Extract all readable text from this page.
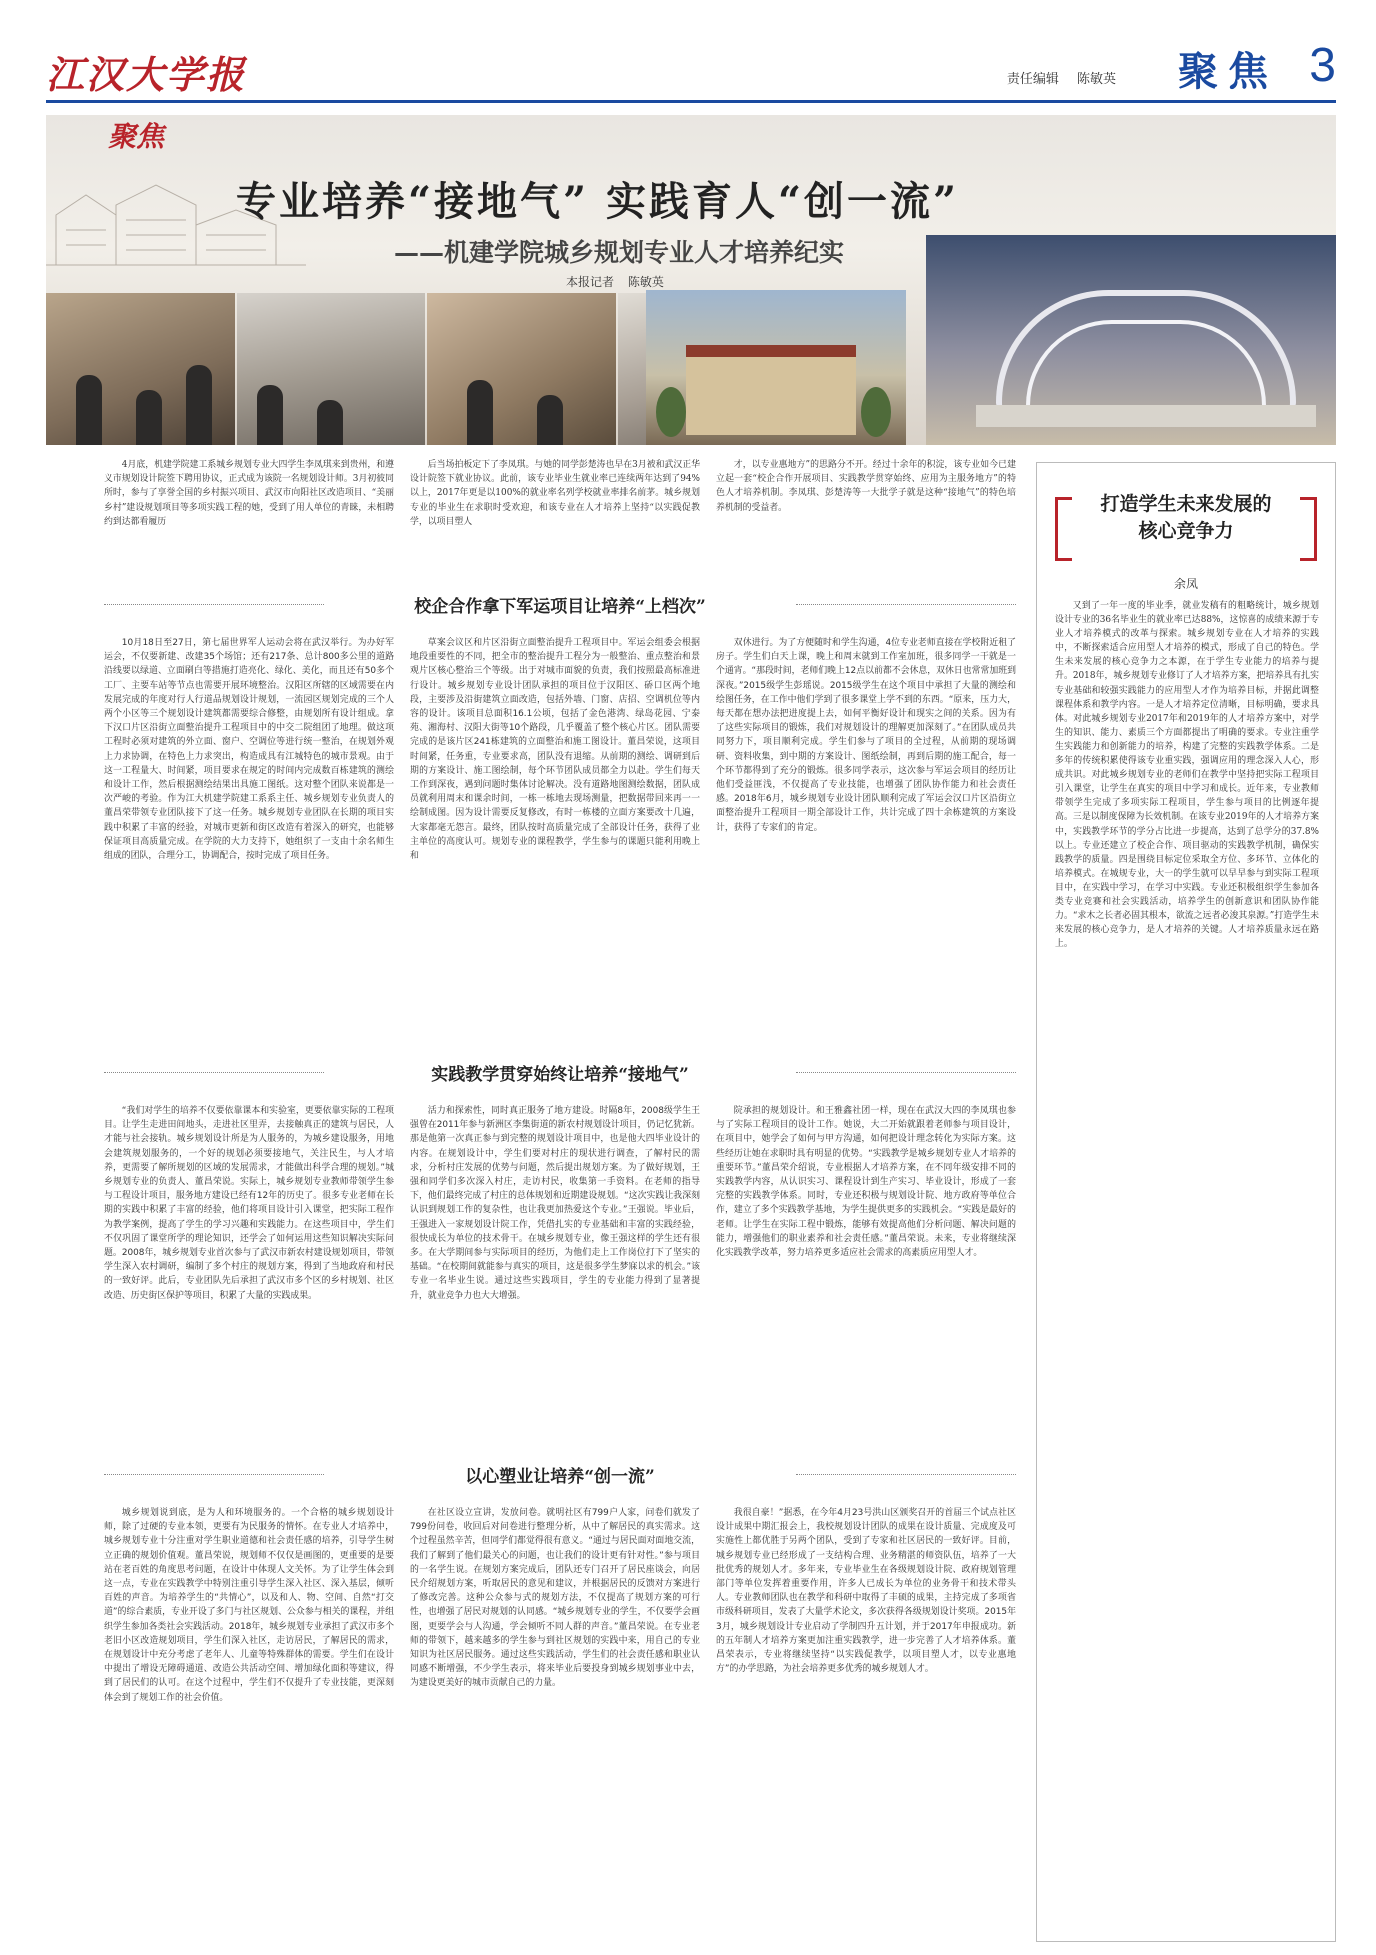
江汉大学报	责任编辑 陈敏英 聚焦 3
聚焦
专业培养“接地气” 实践育人“创一流”
——机建学院城乡规划专业人才培养纪实
本报记者 陈敏英

4月底，机建学院建工系城乡规划专业大四学生李凤琪来到贵州，和遵义市规划设计院签下聘用协议，正式成为该院一名规划设计师。3月初彼同所时，参与了享誉全国的乡村振兴项目、武汉市向阳社区改造项目、“美丽乡村”建设规划项目等多项实践工程的她，受到了用人单位的青睐，未相聘约到达都看履历

后当场拍板定下了李凤琪。与她的同学彭楚涛也早在3月被和武汉正华设计院签下就业协议。此前，该专业毕业生就业率已连续两年达到了94%以上，2017年更是以100%的就业率名列学校就业率排名前茅。城乡规划专业的毕业生在求职时受欢迎，和该专业在人才培养上坚持“以实践促教学，以项目塑人

才，以专业惠地方”的思路分不开。经过十余年的积淀，该专业如今已建立起一套“校企合作开展项目、实践教学贯穿始终、应用为主服务地方”的特色人才培养机制。李凤琪、彭楚涛等一大批学子就是这种“接地气”的特色培养机制的受益者。

校企合作拿下军运项目让培养“上档次”

10月18日至27日，第七届世界军人运动会将在武汉举行。为办好军运会，不仅要新建、改建35个场馆；还有217条、总计800多公里的道路沿线要以绿道、立面刷白等措施打造亮化、绿化、美化，而且还有50多个工厂、主要车站等节点也需要开展环境整治。汉阳区所辖的区域需要在内发展完成的年度对行人行道品规划设计规划，一流园区规划完成的三个人两个小区等三个规划设计建筑都需要综合修整，由规划所有设计组成。拿下汉口片区沿街立面整治提升工程项目中的中交二院组团了地理。做这项工程时必须对建筑的外立面、窗户、空调位等进行统一整治，在规划外观上力求协调，在特色上力求突出，构造成具有江城特色的城市景观。由于这一工程量大、时间紧，项目要求在规定的时间内完成数百栋建筑的测绘和设计工作，然后根据测绘结果出具施工图纸。这对整个团队来说都是一次严峻的考验。作为江大机建学院建工系系主任、城乡规划专业负责人的董昌荣带领专业团队接下了这一任务。城乡规划专业团队在长期的项目实践中积累了丰富的经验，对城市更新和街区改造有着深入的研究，也能够保证项目高质量完成。在学院的大力支持下，她组织了一支由十余名师生组成的团队，合理分工，协调配合，按时完成了项目任务。

草案会议区和片区沿街立面整治提升工程项目中。军运会组委会根据地段重要性的不同，把全市的整治提升工程分为一般整治、重点整治和景观片区核心整治三个等级。出于对城市面貌的负责，我们按照最高标准进行设计。城乡规划专业设计团队承担的项目位于汉阳区、硚口区两个地段，主要涉及沿街建筑立面改造，包括外墙、门窗、店招、空调机位等内容的设计。该项目总面积16.1公顷，包括了金色港湾、绿岛花园、宁泰苑、湘海村、汉阳大街等10个路段，几乎覆盖了整个核心片区。团队需要完成的是该片区241栋建筑的立面整治和施工图设计。董昌荣说，这项目时间紧，任务重，专业要求高，团队没有退缩。从前期的测绘、调研到后期的方案设计、施工图绘制，每个环节团队成员都全力以赴。学生们每天工作到深夜，遇到问题时集体讨论解决。没有道路地图测绘数据，团队成员就利用周末和课余时间，一栋一栋地去现场测量，把数据带回来再一一绘制成图。因为设计需要反复修改，有时一栋楼的立面方案要改十几遍，大家都毫无怨言。最终，团队按时高质量完成了全部设计任务，获得了业主单位的高度认可。规划专业的课程教学，学生参与的课题只能利用晚上和

双休进行。为了方便随时和学生沟通，4位专业老师直接在学校附近租了房子。学生们白天上课，晚上和周末就到工作室加班，很多同学一干就是一个通宵。“那段时间，老师们晚上12点以前都不会休息，双休日也常常加班到深夜。”2015级学生彭瑶说。2015级学生在这个项目中承担了大量的测绘和绘图任务，在工作中他们学到了很多课堂上学不到的东西。“原来，压力大，每天都在想办法把进度提上去，如何平衡好设计和现实之间的关系。因为有了这些实际项目的锻炼，我们对规划设计的理解更加深刻了。”在团队成员共同努力下，项目顺利完成。学生们参与了项目的全过程，从前期的现场调研、资料收集，到中期的方案设计、图纸绘制，再到后期的施工配合，每一个环节都得到了充分的锻炼。很多同学表示，这次参与军运会项目的经历让他们受益匪浅，不仅提高了专业技能，也增强了团队协作能力和社会责任感。2018年6月，城乡规划专业设计团队顺利完成了军运会汉口片区沿街立面整治提升工程项目一期全部设计工作，共计完成了四十余栋建筑的方案设计，获得了专家们的肯定。

实践教学贯穿始终让培养“接地气”

“我们对学生的培养不仅要依靠课本和实验室，更要依靠实际的工程项目。让学生走进田间地头，走进社区里弄，去接触真正的建筑与居民，人才能与社会接轨。城乡规划设计所是为人服务的，为城乡建设服务，用地会建筑规划服务的，一个好的规划必须要接地气，关注民生，与人才培养，更需要了解所规划的区域的发展需求，才能做出科学合理的规划。”城乡规划专业的负责人、董昌荣说。实际上，城乡规划专业教师带领学生参与工程设计项目，服务地方建设已经有12年的历史了。很多专业老师在长期的实践中积累了丰富的经验，他们将项目设计引入课堂，把实际工程作为教学案例，提高了学生的学习兴趣和实践能力。在这些项目中，学生们不仅巩固了课堂所学的理论知识，还学会了如何运用这些知识解决实际问题。2008年，城乡规划专业首次参与了武汉市新农村建设规划项目，带领学生深入农村调研，编制了多个村庄的规划方案，得到了当地政府和村民的一致好评。此后，专业团队先后承担了武汉市多个区的乡村规划、社区改造、历史街区保护等项目，积累了大量的实践成果。

活力和探索性，同时真正服务了地方建设。时隔8年，2008级学生王强曾在2011年参与新洲区李集街道的新农村规划设计项目，仍记忆犹新。那是他第一次真正参与到完整的规划设计项目中，也是他大四毕业设计的内容。在规划设计中，学生们要对村庄的现状进行调查，了解村民的需求，分析村庄发展的优势与问题，然后提出规划方案。为了做好规划，王强和同学们多次深入村庄，走访村民，收集第一手资料。在老师的指导下，他们最终完成了村庄的总体规划和近期建设规划。“这次实践让我深刻认识到规划工作的复杂性，也让我更加热爱这个专业。”王强说。毕业后，王强进入一家规划设计院工作，凭借扎实的专业基础和丰富的实践经验，很快成长为单位的技术骨干。在城乡规划专业，像王强这样的学生还有很多。在大学期间参与实际项目的经历，为他们走上工作岗位打下了坚实的基础。“在校期间就能参与真实的项目，这是很多学生梦寐以求的机会。”该专业一名毕业生说。通过这些实践项目，学生的专业能力得到了显著提升，就业竞争力也大大增强。

院承担的规划设计。和王雅鑫社团一样，现在在武汉大四的李凤琪也参与了实际工程项目的设计工作。她说，大二开始就跟着老师参与项目设计，在项目中，她学会了如何与甲方沟通，如何把设计理念转化为实际方案。这些经历让她在求职时具有明显的优势。“实践教学是城乡规划专业人才培养的重要环节。”董昌荣介绍说，专业根据人才培养方案，在不同年级安排不同的实践教学内容，从认识实习、课程设计到生产实习、毕业设计，形成了一套完整的实践教学体系。同时，专业还积极与规划设计院、地方政府等单位合作，建立了多个实践教学基地，为学生提供更多的实践机会。“实践是最好的老师。让学生在实际工程中锻炼，能够有效提高他们分析问题、解决问题的能力，增强他们的职业素养和社会责任感。”董昌荣说。未来，专业将继续深化实践教学改革，努力培养更多适应社会需求的高素质应用型人才。

以心塑业让培养“创一流”

城乡规划说到底，是为人和环境服务的。一个合格的城乡规划设计师，除了过硬的专业本领，更要有为民服务的情怀。在专业人才培养中，城乡规划专业十分注重对学生职业道德和社会责任感的培养，引导学生树立正确的规划价值观。董昌荣说，规划师不仅仅是画图的，更重要的是要站在老百姓的角度思考问题，在设计中体现人文关怀。为了让学生体会到这一点，专业在实践教学中特别注重引导学生深入社区、深入基层，倾听百姓的声音。为培养学生的“共情心”，以及和人、物、空间、自然“打交道”的综合素质，专业开设了多门与社区规划、公众参与相关的课程，并组织学生参加各类社会实践活动。2018年，城乡规划专业承担了武汉市多个老旧小区改造规划项目，学生们深入社区，走访居民，了解居民的需求，在规划设计中充分考虑了老年人、儿童等特殊群体的需要。学生们在设计中提出了增设无障碍通道、改造公共活动空间、增加绿化面积等建议，得到了居民们的认可。在这个过程中，学生们不仅提升了专业技能，更深刻体会到了规划工作的社会价值。

在社区设立宣讲，发放问卷。就明社区有799户人家，问卷们就发了799份问卷，收回后对问卷进行整理分析，从中了解居民的真实需求。这个过程虽然辛苦，但同学们都觉得很有意义。“通过与居民面对面地交流，我们了解到了他们最关心的问题，也让我们的设计更有针对性。”参与项目的一名学生说。在规划方案完成后，团队还专门召开了居民座谈会，向居民介绍规划方案，听取居民的意见和建议，并根据居民的反馈对方案进行了修改完善。这种公众参与式的规划方法，不仅提高了规划方案的可行性，也增强了居民对规划的认同感。“城乡规划专业的学生，不仅要学会画图，更要学会与人沟通，学会倾听不同人群的声音。”董昌荣说。在专业老师的带领下，越来越多的学生参与到社区规划的实践中来，用自己的专业知识为社区居民服务。通过这些实践活动，学生们的社会责任感和职业认同感不断增强，不少学生表示，将来毕业后要投身到城乡规划事业中去，为建设更美好的城市贡献自己的力量。

我很自豪！”据悉，在今年4月23号洪山区颁奖召开的首届三个试点社区设计成果中期汇报会上，我校规划设计团队的成果在设计质量、完成度及可实施性上都优胜于另两个团队，受到了专家和社区居民的一致好评。目前，城乡规划专业已经形成了一支结构合理、业务精湛的师资队伍，培养了一大批优秀的规划人才。多年来，专业毕业生在各级规划设计院、政府规划管理部门等单位发挥着重要作用，许多人已成长为单位的业务骨干和技术带头人。专业教师团队也在教学和科研中取得了丰硕的成果，主持完成了多项省市级科研项目，发表了大量学术论文，多次获得各级规划设计奖项。2015年3月，城乡规划设计专业启动了学制四升五计划，并于2017年申报成功。新的五年制人才培养方案更加注重实践教学，进一步完善了人才培养体系。董昌荣表示，专业将继续坚持“以实践促教学，以项目塑人才，以专业惠地方”的办学思路，为社会培养更多优秀的城乡规划人才。

打造学生未来发展的
核心竞争力
余凤

又到了一年一度的毕业季，就业发稿有的粗略统计，城乡规划设计专业的36名毕业生的就业率已达88%，这惊喜的成绩来源于专业人才培养模式的改革与探索。城乡规划专业在人才培养的实践中，不断探索适合应用型人才培养的模式，形成了自己的特色。学生未来发展的核心竞争力之本源，在于学生专业能力的培养与提升。2018年，城乡规划专业修订了人才培养方案，把培养具有扎实专业基础和较强实践能力的应用型人才作为培养目标，并据此调整课程体系和教学内容。一是人才培养定位清晰，目标明确，要求具体。对此城乡规划专业2017年和2019年的人才培养方案中，对学生的知识、能力、素质三个方面都提出了明确的要求。专业注重学生实践能力和创新能力的培养，构建了完整的实践教学体系。二是多年的传统积累使得该专业重实践，强调应用的理念深入人心，形成共识。对此城乡规划专业的老师们在教学中坚持把实际工程项目引入课堂，让学生在真实的项目中学习和成长。近年来，专业教师带领学生完成了多项实际工程项目，学生参与项目的比例逐年提高。三是以制度保障为长效机制。在该专业2019年的人才培养方案中，实践教学环节的学分占比进一步提高，达到了总学分的37.8%以上。专业还建立了校企合作、项目驱动的实践教学机制，确保实践教学的质量。四是围绕目标定位采取全方位、多环节、立体化的培养模式。在城规专业，大一的学生就可以早早参与到实际工程项目中，在实践中学习，在学习中实践。专业还积极组织学生参加各类专业竞赛和社会实践活动，培养学生的创新意识和团队协作能力。“求木之长者必固其根本，欲流之远者必浚其泉源。”打造学生未来发展的核心竞争力，是人才培养的关键。人才培养质量永远在路上。
